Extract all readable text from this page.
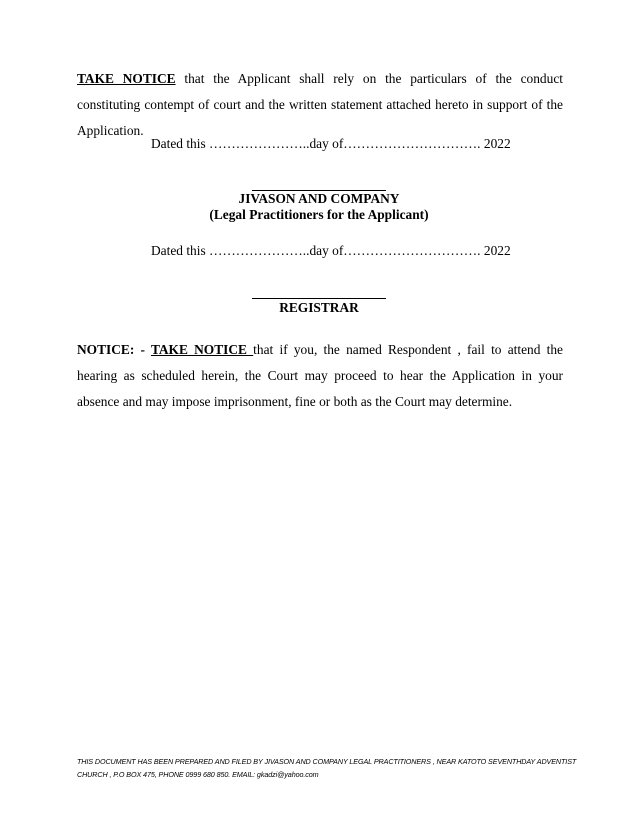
TAKE NOTICE that the Applicant shall rely on the particulars of the conduct constituting contempt of court and the written statement attached hereto in support of the Application.

Dated this …………………..day of…………………………. 2022
JIVASON AND COMPANY
(Legal Practitioners for the Applicant)
Dated this …………………..day of…………………………. 2022
REGISTRAR

NOTICE: - TAKE NOTICE that if you, the named Respondent , fail to attend the hearing as scheduled herein, the Court may proceed to hear the Application in your absence and may impose imprisonment, fine or both as the Court may determine.

THIS DOCUMENT HAS BEEN PREPARED AND FILED BY JIVASON AND COMPANY LEGAL PRACTITIONERS , NEAR KATOTO SEVENTHDAY ADVENTIST
CHURCH , P.O BOX 475, PHONE 0999 680 850. EMAIL: gkadzi@yahoo.com
